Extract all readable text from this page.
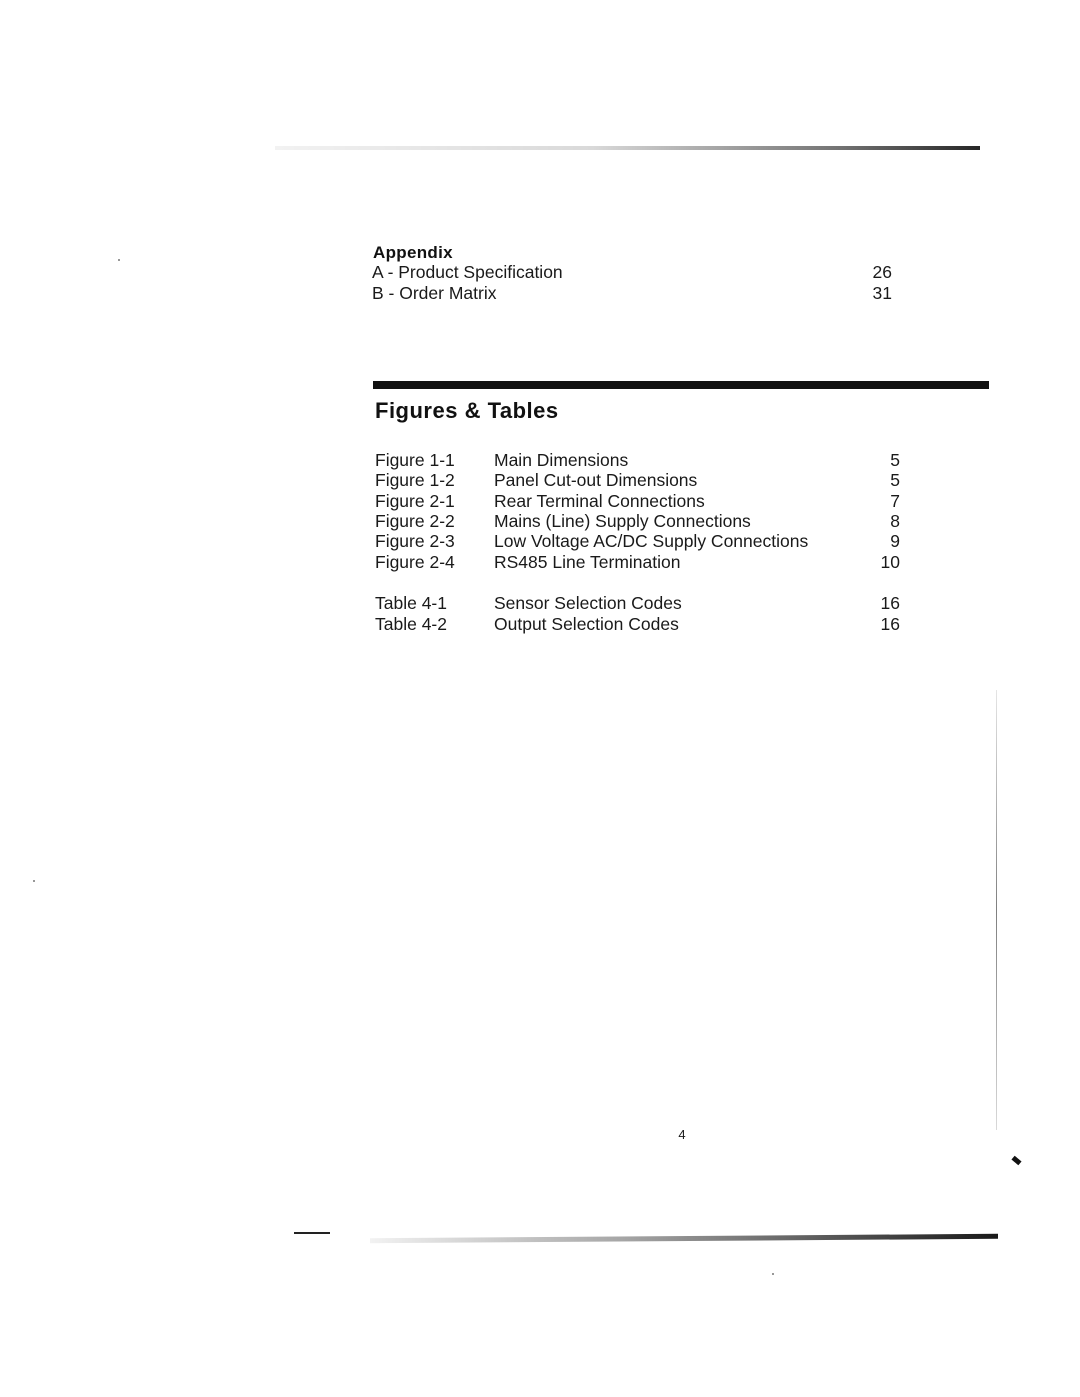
Appendix
A - Product Specification	26
B - Order Matrix	31
Figures & Tables
Figure 1-1 Main Dimensions	5
Figure 1-2 Panel Cut-out Dimensions	5
Figure 2-1 Rear Terminal Connections	7
Figure 2-2 Mains (Line) Supply Connections	8
Figure 2-3 Low Voltage AC/DC Supply Connections	9
Figure 2-4 RS485 Line Termination	10
Table 4-1	Sensor Selection Codes	16
Table 4-2	Output Selection Codes	16
4
